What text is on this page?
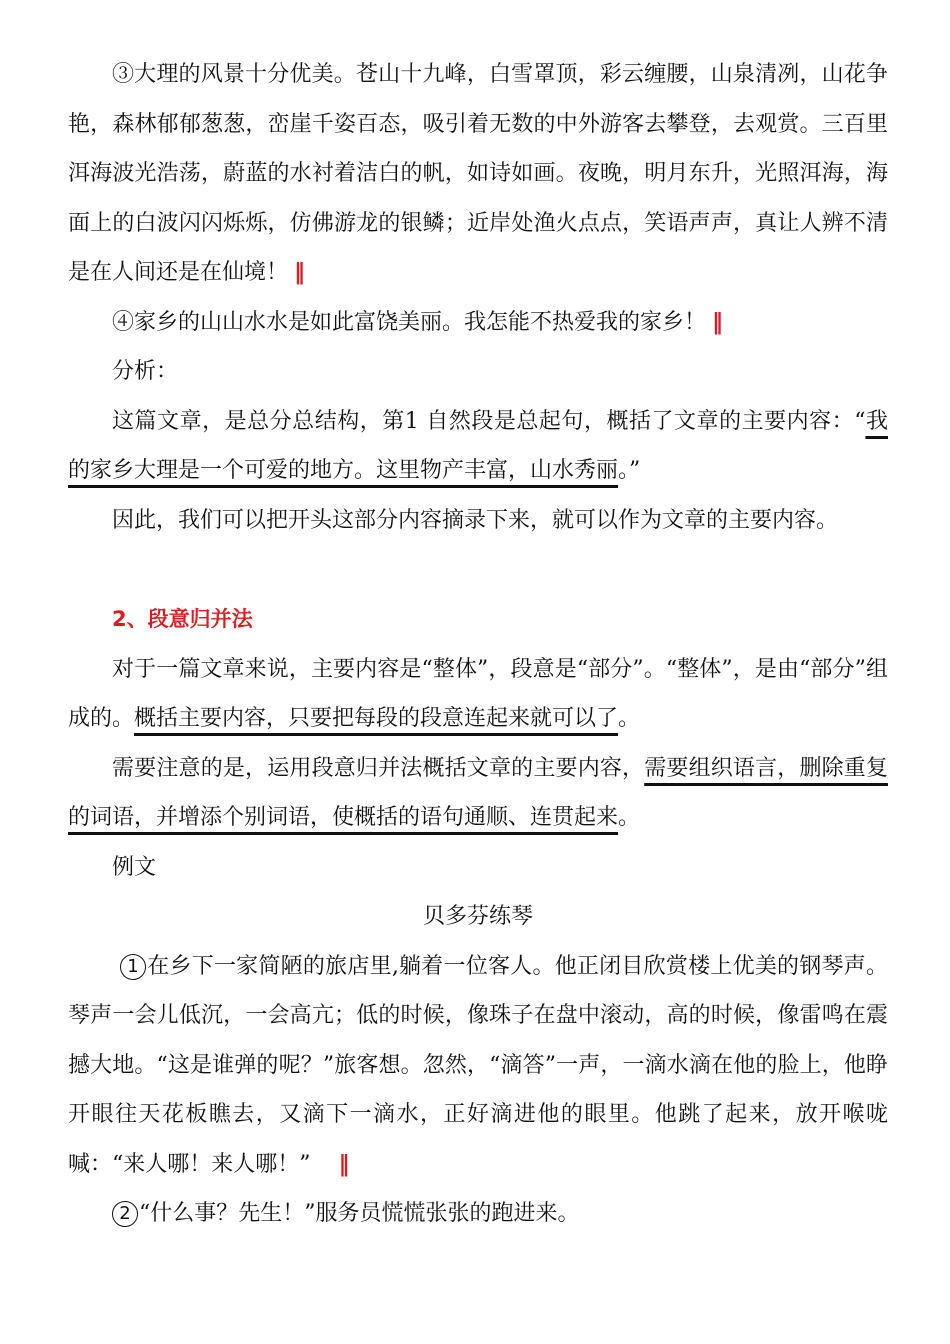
③大理的风景十分优美。苍山十九峰，白雪罩顶，彩云缠腰，山泉清冽，山花争艳，森林郁郁葱葱，峦崖千姿百态，吸引着无数的中外游客去攀登，去观赏。三百里洱海波光浩荡，蔚蓝的水衬着洁白的帆，如诗如画。夜晚，明月东升，光照洱海，海面上的白波闪闪烁烁，仿佛游龙的银鳞；近岸处渔火点点，笑语声声，真让人辨不清是在人间还是在仙境！ ‖

④家乡的山山水水是如此富饶美丽。我怎能不热爱我的家乡！ ‖

分析：

这篇文章，是总分总结构，第1 自然段是总起句，概括了文章的主要内容：“我的家乡大理是一个可爱的地方。这里物产丰富，山水秀丽。”

因此，我们可以把开头这部分内容摘录下来，就可以作为文章的主要内容。

2、段意归并法

对于一篇文章来说，主要内容是“整体”，段意是“部分”。“整体”，是由“部分”组成的。概括主要内容，只要把每段的段意连起来就可以了。

需要注意的是，运用段意归并法概括文章的主要内容，需要组织语言，删除重复的词语，并增添个别词语，使概括的语句通顺、连贯起来。

例文

贝多芬练琴

1 在乡下一家简陋的旅店里,躺着一位客人。他正闭目欣赏楼上优美的钢琴声。琴声一会儿低沉，一会高亢；低的时候，像珠子在盘中滚动，高的时候，像雷鸣在震撼大地。“这是谁弹的呢？”旅客想。忽然，“滴答”一声，一滴水滴在他的脸上，他睁开眼往天花板瞧去，又滴下一滴水，正好滴进他的眼里。他跳了起来，放开喉咙喊：“来人哪！来人哪！” ‖

2 “什么事？先生！”服务员慌慌张张的跑进来。
